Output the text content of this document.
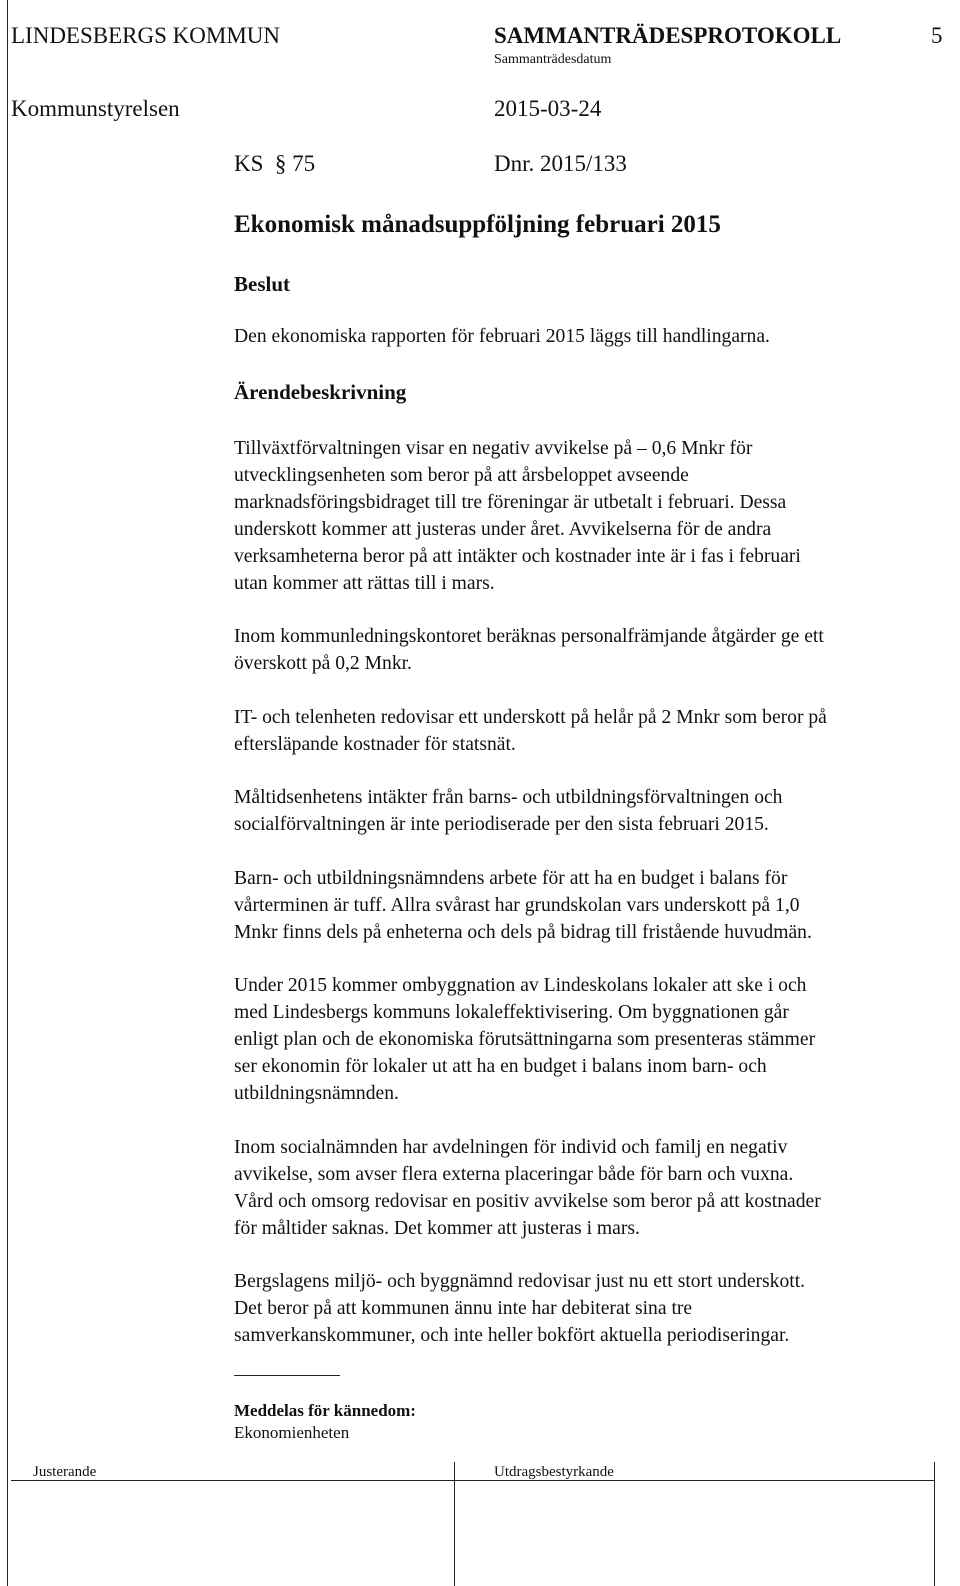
LINDESBERGS KOMMUN	SAMMANTRÄDESPROTOKOLL	5
Sammanträdesdatum
Kommunstyrelsen	2015-03-24
KS § 75	Dnr. 2015/133
Ekonomisk månadsuppföljning februari 2015
Beslut
Den ekonomiska rapporten för februari 2015 läggs till handlingarna.
Ärendebeskrivning
Tillväxtförvaltningen visar en negativ avvikelse på – 0,6 Mnkr för
utvecklingsenheten som beror på att årsbeloppet avseende
marknadsföringsbidraget till tre föreningar är utbetalt i februari. Dessa
underskott kommer att justeras under året. Avvikelserna för de andra
verksamheterna beror på att intäkter och kostnader inte är i fas i februari
utan kommer att rättas till i mars.
Inom kommunledningskontoret beräknas personalfrämjande åtgärder ge ett
överskott på 0,2 Mnkr.
IT- och telenheten redovisar ett underskott på helår på 2 Mnkr som beror på
eftersläpande kostnader för statsnät.
Måltidsenhetens intäkter från barns- och utbildningsförvaltningen och
socialförvaltningen är inte periodiserade per den sista februari 2015.
Barn- och utbildningsnämndens arbete för att ha en budget i balans för
vårterminen är tuff. Allra svårast har grundskolan vars underskott på 1,0
Mnkr finns dels på enheterna och dels på bidrag till fristående huvudmän.
Under 2015 kommer ombyggnation av Lindeskolans lokaler att ske i och
med Lindesbergs kommuns lokaleffektivisering. Om byggnationen går
enligt plan och de ekonomiska förutsättningarna som presenteras stämmer
ser ekonomin för lokaler ut att ha en budget i balans inom barn- och
utbildningsnämnden.
Inom socialnämnden har avdelningen för individ och familj en negativ
avvikelse, som avser flera externa placeringar både för barn och vuxna.
Vård och omsorg redovisar en positiv avvikelse som beror på att kostnader
för måltider saknas. Det kommer att justeras i mars.
Bergslagens miljö- och byggnämnd redovisar just nu ett stort underskott.
Det beror på att kommunen ännu inte har debiterat sina tre
samverkanskommuner, och inte heller bokfört aktuella periodiseringar.
Meddelas för kännedom:
Ekonomienheten
Justerande	Utdragsbestyrkande
